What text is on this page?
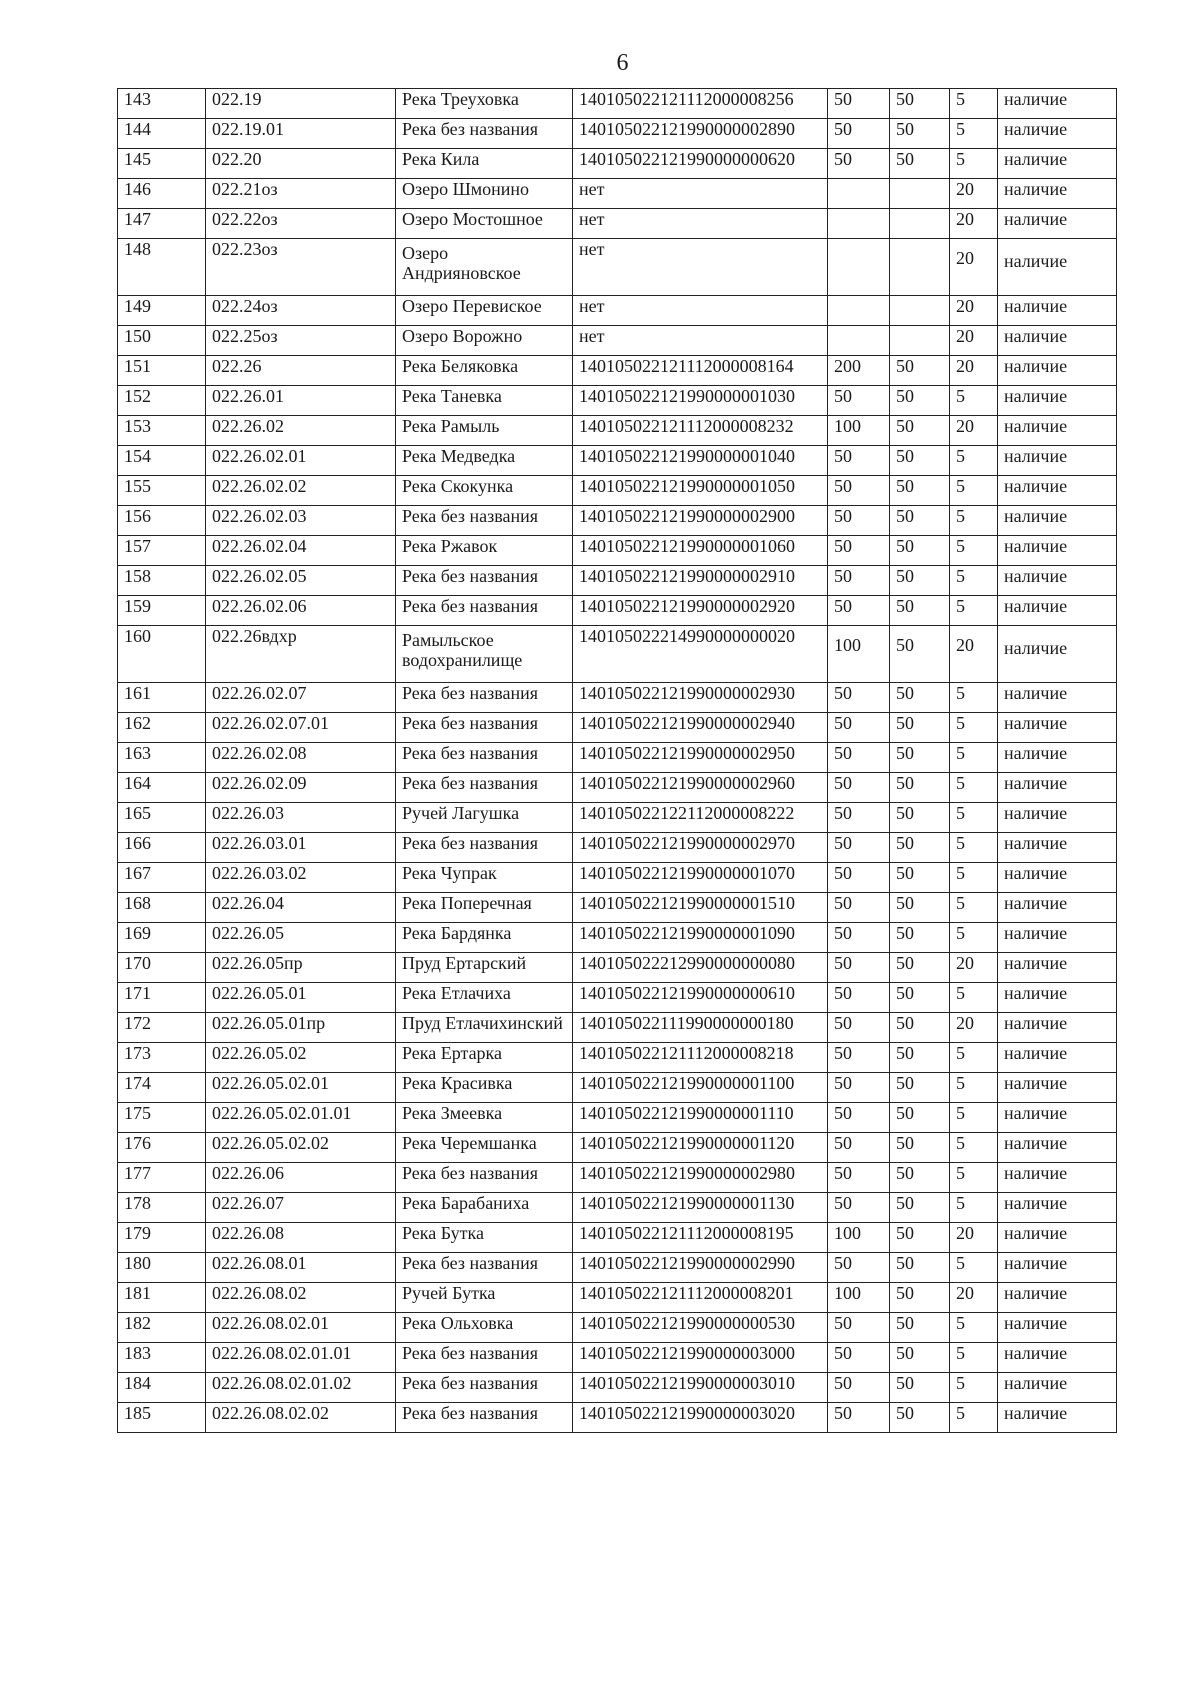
6
143	022.19	Река Треуховка	140105022121112000008256	50	50	5	наличие
144	022.19.01	Река без названия	140105022121990000002890	50	50	5	наличие
145	022.20	Река Кила	140105022121990000000620	50	50	5	наличие
146	022.21оз	Озеро Шмонино	нет			20	наличие
147	022.22оз	Озеро Мостошное	нет			20	наличие
148	022.23оз	Озеро Андрияновское	нет			20	наличие
149	022.24оз	Озеро Перевиское	нет			20	наличие
150	022.25оз	Озеро Ворожно	нет			20	наличие
151	022.26	Река Беляковка	140105022121112000008164	200	50	20	наличие
152	022.26.01	Река Таневка	140105022121990000001030	50	50	5	наличие
153	022.26.02	Река Рамыль	140105022121112000008232	100	50	20	наличие
154	022.26.02.01	Река Медведка	140105022121990000001040	50	50	5	наличие
155	022.26.02.02	Река Скокунка	140105022121990000001050	50	50	5	наличие
156	022.26.02.03	Река без названия	140105022121990000002900	50	50	5	наличие
157	022.26.02.04	Река Ржавок	140105022121990000001060	50	50	5	наличие
158	022.26.02.05	Река без названия	140105022121990000002910	50	50	5	наличие
159	022.26.02.06	Река без названия	140105022121990000002920	50	50	5	наличие
160	022.26вдхр	Рамыльское водохранилище	140105022214990000000020	100	50	20	наличие
161	022.26.02.07	Река без названия	140105022121990000002930	50	50	5	наличие
162	022.26.02.07.01	Река без названия	140105022121990000002940	50	50	5	наличие
163	022.26.02.08	Река без названия	140105022121990000002950	50	50	5	наличие
164	022.26.02.09	Река без названия	140105022121990000002960	50	50	5	наличие
165	022.26.03	Ручей Лагушка	140105022122112000008222	50	50	5	наличие
166	022.26.03.01	Река без названия	140105022121990000002970	50	50	5	наличие
167	022.26.03.02	Река Чупрак	140105022121990000001070	50	50	5	наличие
168	022.26.04	Река Поперечная	140105022121990000001510	50	50	5	наличие
169	022.26.05	Река Бардянка	140105022121990000001090	50	50	5	наличие
170	022.26.05пр	Пруд Ертарский	140105022212990000000080	50	50	20	наличие
171	022.26.05.01	Река Етлачиха	140105022121990000000610	50	50	5	наличие
172	022.26.05.01пр	Пруд Етлачихинский	140105022111990000000180	50	50	20	наличие
173	022.26.05.02	Река Ертарка	140105022121112000008218	50	50	5	наличие
174	022.26.05.02.01	Река Красивка	140105022121990000001100	50	50	5	наличие
175	022.26.05.02.01.01	Река Змеевка	140105022121990000001110	50	50	5	наличие
176	022.26.05.02.02	Река Черемшанка	140105022121990000001120	50	50	5	наличие
177	022.26.06	Река без названия	140105022121990000002980	50	50	5	наличие
178	022.26.07	Река Барабаниха	140105022121990000001130	50	50	5	наличие
179	022.26.08	Река Бутка	140105022121112000008195	100	50	20	наличие
180	022.26.08.01	Река без названия	140105022121990000002990	50	50	5	наличие
181	022.26.08.02	Ручей Бутка	140105022121112000008201	100	50	20	наличие
182	022.26.08.02.01	Река Ольховка	140105022121990000000530	50	50	5	наличие
183	022.26.08.02.01.01	Река без названия	140105022121990000003000	50	50	5	наличие
184	022.26.08.02.01.02	Река без названия	140105022121990000003010	50	50	5	наличие
185	022.26.08.02.02	Река без названия	140105022121990000003020	50	50	5	наличие
